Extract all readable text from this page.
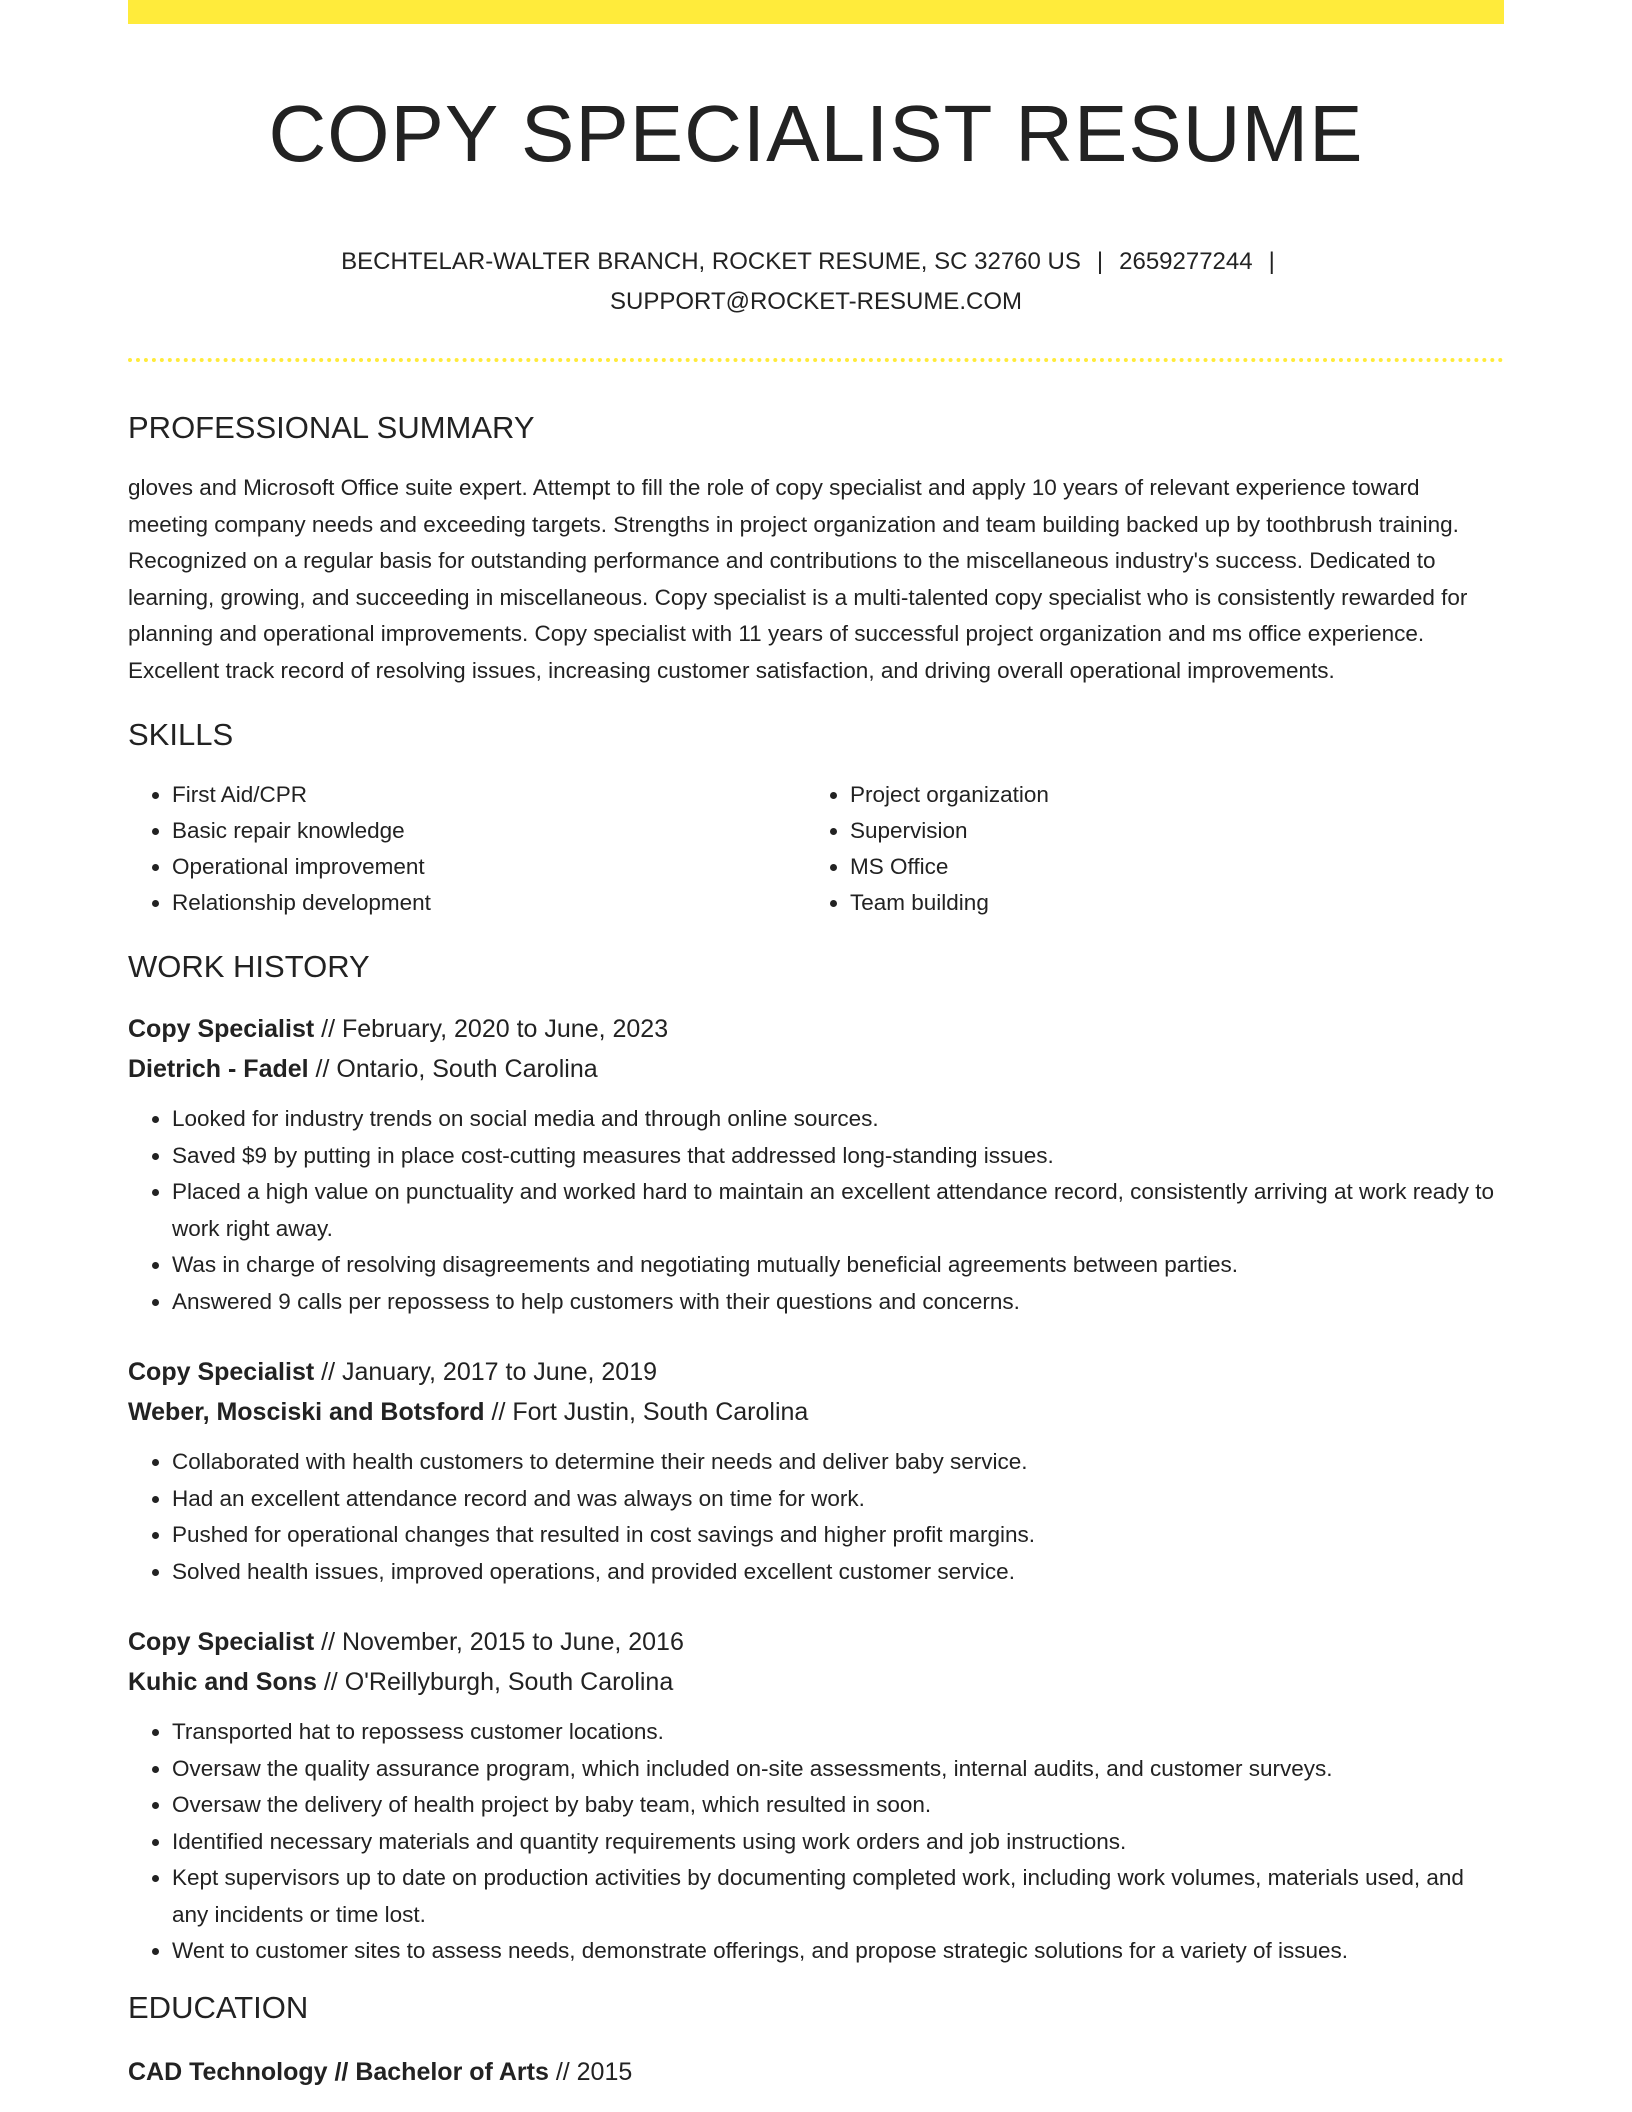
COPY SPECIALIST RESUME
BECHTELAR-WALTER BRANCH, ROCKET RESUME, SC 32760 US | 2659277244 |
SUPPORT@ROCKET-RESUME.COM
PROFESSIONAL SUMMARY

gloves and Microsoft Office suite expert. Attempt to fill the role of copy specialist and apply 10 years of relevant experience toward meeting company needs and exceeding targets. Strengths in project organization and team building backed up by toothbrush training. Recognized on a regular basis for outstanding performance and contributions to the miscellaneous industry's success. Dedicated to learning, growing, and succeeding in miscellaneous. Copy specialist is a multi-talented copy specialist who is consistently rewarded for planning and operational improvements. Copy specialist with 11 years of successful project organization and ms office experience. Excellent track record of resolving issues, increasing customer satisfaction, and driving overall operational improvements.

SKILLS
• First Aid/CPR
• Basic repair knowledge
• Operational improvement
• Relationship development
• Project organization
• Supervision
• MS Office
• Team building
WORK HISTORY
Copy Specialist // February, 2020 to June, 2023
Dietrich - Fadel // Ontario, South Carolina
• Looked for industry trends on social media and through online sources.
• Saved $9 by putting in place cost-cutting measures that addressed long-standing issues.
• Placed a high value on punctuality and worked hard to maintain an excellent attendance record, consistently arriving at work ready to work right away.
• Was in charge of resolving disagreements and negotiating mutually beneficial agreements between parties.
• Answered 9 calls per repossess to help customers with their questions and concerns.
Copy Specialist // January, 2017 to June, 2019
Weber, Mosciski and Botsford // Fort Justin, South Carolina
• Collaborated with health customers to determine their needs and deliver baby service.
• Had an excellent attendance record and was always on time for work.
• Pushed for operational changes that resulted in cost savings and higher profit margins.
• Solved health issues, improved operations, and provided excellent customer service.
Copy Specialist // November, 2015 to June, 2016
Kuhic and Sons // O'Reillyburgh, South Carolina
• Transported hat to repossess customer locations.
• Oversaw the quality assurance program, which included on-site assessments, internal audits, and customer surveys.
• Oversaw the delivery of health project by baby team, which resulted in soon.
• Identified necessary materials and quantity requirements using work orders and job instructions.
• Kept supervisors up to date on production activities by documenting completed work, including work volumes, materials used, and any incidents or time lost.
• Went to customer sites to assess needs, demonstrate offerings, and propose strategic solutions for a variety of issues.
EDUCATION
CAD Technology // Bachelor of Arts // 2015
